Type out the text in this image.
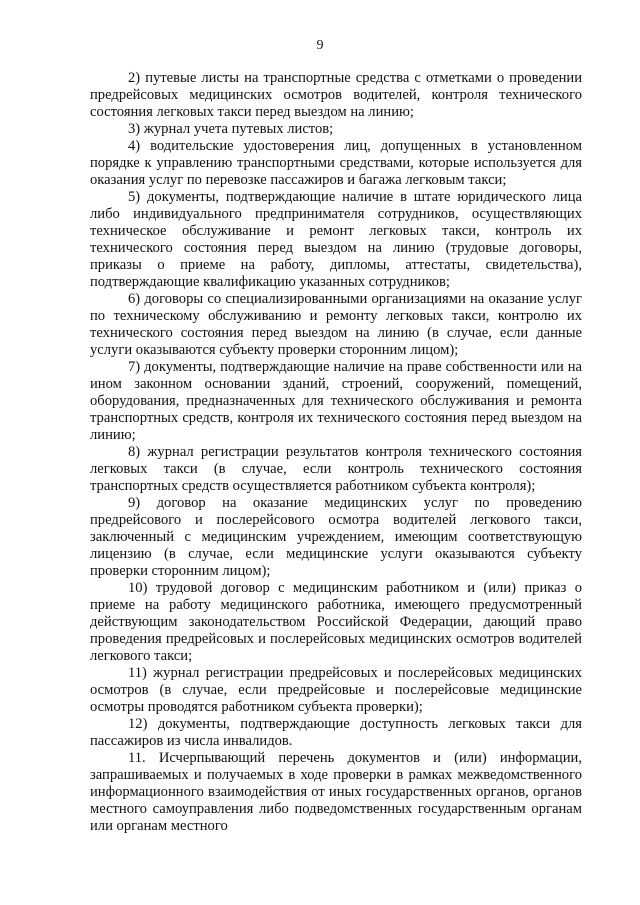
9

2) путевые листы на транспортные средства с отметками о проведении предрейсовых медицинских осмотров водителей, контроля технического состояния легковых такси перед выездом на линию;

3) журнал учета путевых листов;

4) водительские удостоверения лиц, допущенных в установленном порядке к управлению транспортными средствами, которые используется для оказания услуг по перевозке пассажиров и багажа легковым такси;

5) документы, подтверждающие наличие в штате юридического лица либо индивидуального предпринимателя сотрудников, осуществляющих техническое обслуживание и ремонт легковых такси, контроль их технического состояния перед выездом на линию (трудовые договоры, приказы о приеме на работу, дипломы, аттестаты, свидетельства), подтверждающие квалификацию указанных сотрудников;

6) договоры со специализированными организациями на оказание услуг по техническому обслуживанию и ремонту легковых такси, контролю их технического состояния перед выездом на линию (в случае, если данные услуги оказываются субъекту проверки сторонним лицом);

7) документы, подтверждающие наличие на праве собственности или на ином законном основании зданий, строений, сооружений, помещений, оборудования, предназначенных для технического обслуживания и ремонта транспортных средств, контроля их технического состояния перед выездом на линию;

8) журнал регистрации результатов контроля технического состояния легковых такси (в случае, если контроль технического состояния транспортных средств осуществляется работником субъекта контроля);

9) договор на оказание медицинских услуг по проведению предрейсового и послерейсового осмотра водителей легкового такси, заключенный с медицинским учреждением, имеющим соответствующую лицензию (в случае, если медицинские услуги оказываются субъекту проверки сторонним лицом);

10) трудовой договор с медицинским работником и (или) приказ о приеме на работу медицинского работника, имеющего предусмотренный действующим законодательством Российской Федерации, дающий право проведения предрейсовых и послерейсовых медицинских осмотров водителей легкового такси;

11) журнал регистрации предрейсовых и послерейсовых медицинских осмотров (в случае, если предрейсовые и послерейсовые медицинские осмотры проводятся работником субъекта проверки);

12) документы, подтверждающие доступность легковых такси для пассажиров из числа инвалидов.

11. Исчерпывающий перечень документов и (или) информации, запрашиваемых и получаемых в ходе проверки в рамках межведомственного информационного взаимодействия от иных государственных органов, органов местного самоуправления либо подведомственных государственным органам или органам местного
